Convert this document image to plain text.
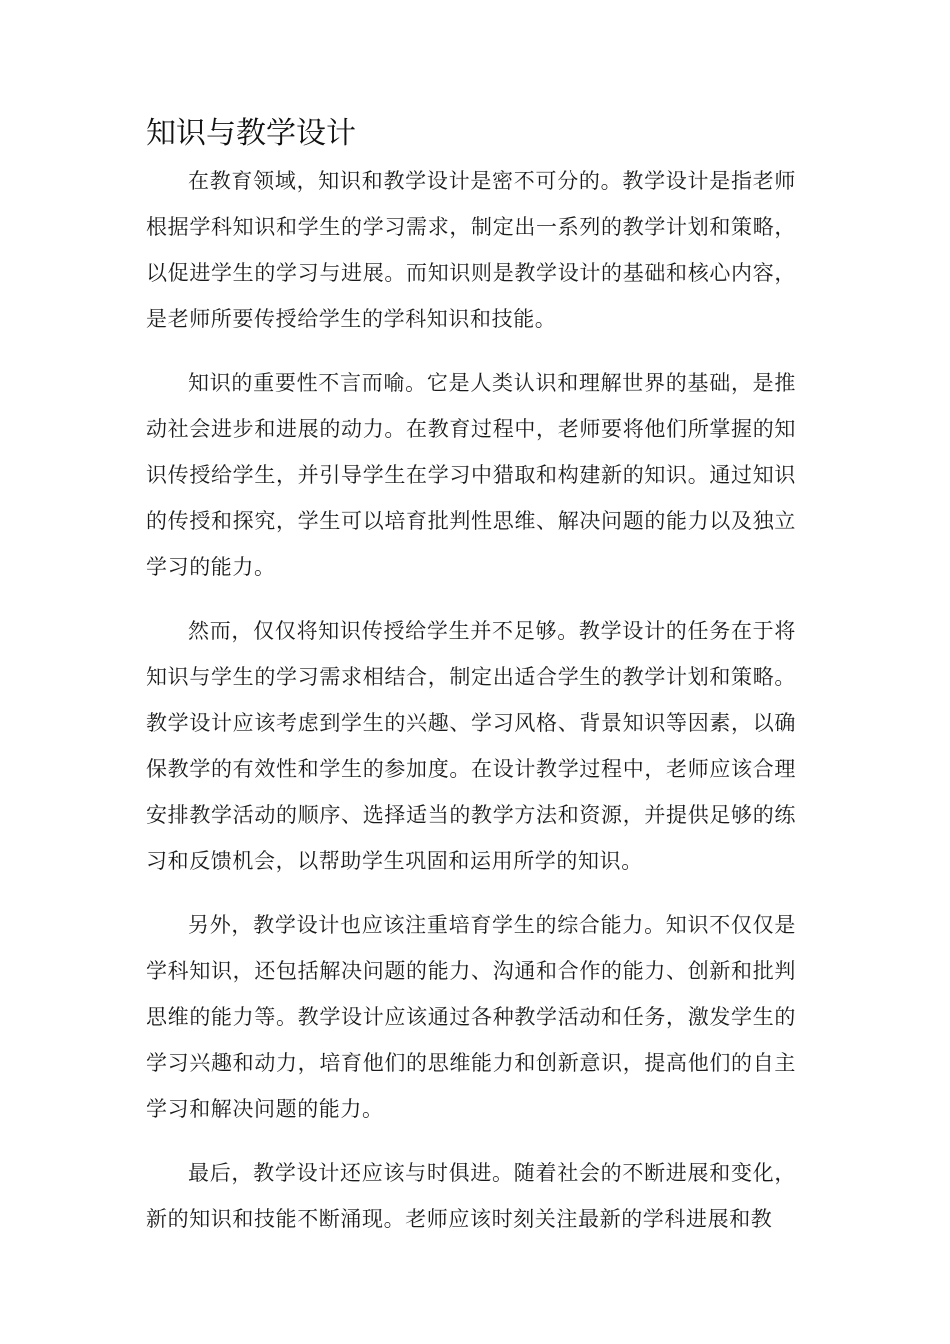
知识与教学设计

在教育领域，知识和教学设计是密不可分的。教学设计是指老师根据学科知识和学生的学习需求，制定出一系列的教学计划和策略，以促进学生的学习与进展。而知识则是教学设计的基础和核心内容，是老师所要传授给学生的学科知识和技能。

知识的重要性不言而喻。它是人类认识和理解世界的基础，是推动社会进步和进展的动力。在教育过程中，老师要将他们所掌握的知识传授给学生，并引导学生在学习中猎取和构建新的知识。通过知识的传授和探究，学生可以培育批判性思维、解决问题的能力以及独立学习的能力。

然而，仅仅将知识传授给学生并不足够。教学设计的任务在于将知识与学生的学习需求相结合，制定出适合学生的教学计划和策略。教学设计应该考虑到学生的兴趣、学习风格、背景知识等因素，以确保教学的有效性和学生的参加度。在设计教学过程中，老师应该合理安排教学活动的顺序、选择适当的教学方法和资源，并提供足够的练习和反馈机会，以帮助学生巩固和运用所学的知识。

另外，教学设计也应该注重培育学生的综合能力。知识不仅仅是学科知识，还包括解决问题的能力、沟通和合作的能力、创新和批判思维的能力等。教学设计应该通过各种教学活动和任务，激发学生的学习兴趣和动力，培育他们的思维能力和创新意识，提高他们的自主学习和解决问题的能力。

最后，教学设计还应该与时俱进。随着社会的不断进展和变化，新的知识和技能不断涌现。老师应该时刻关注最新的学科进展和教
